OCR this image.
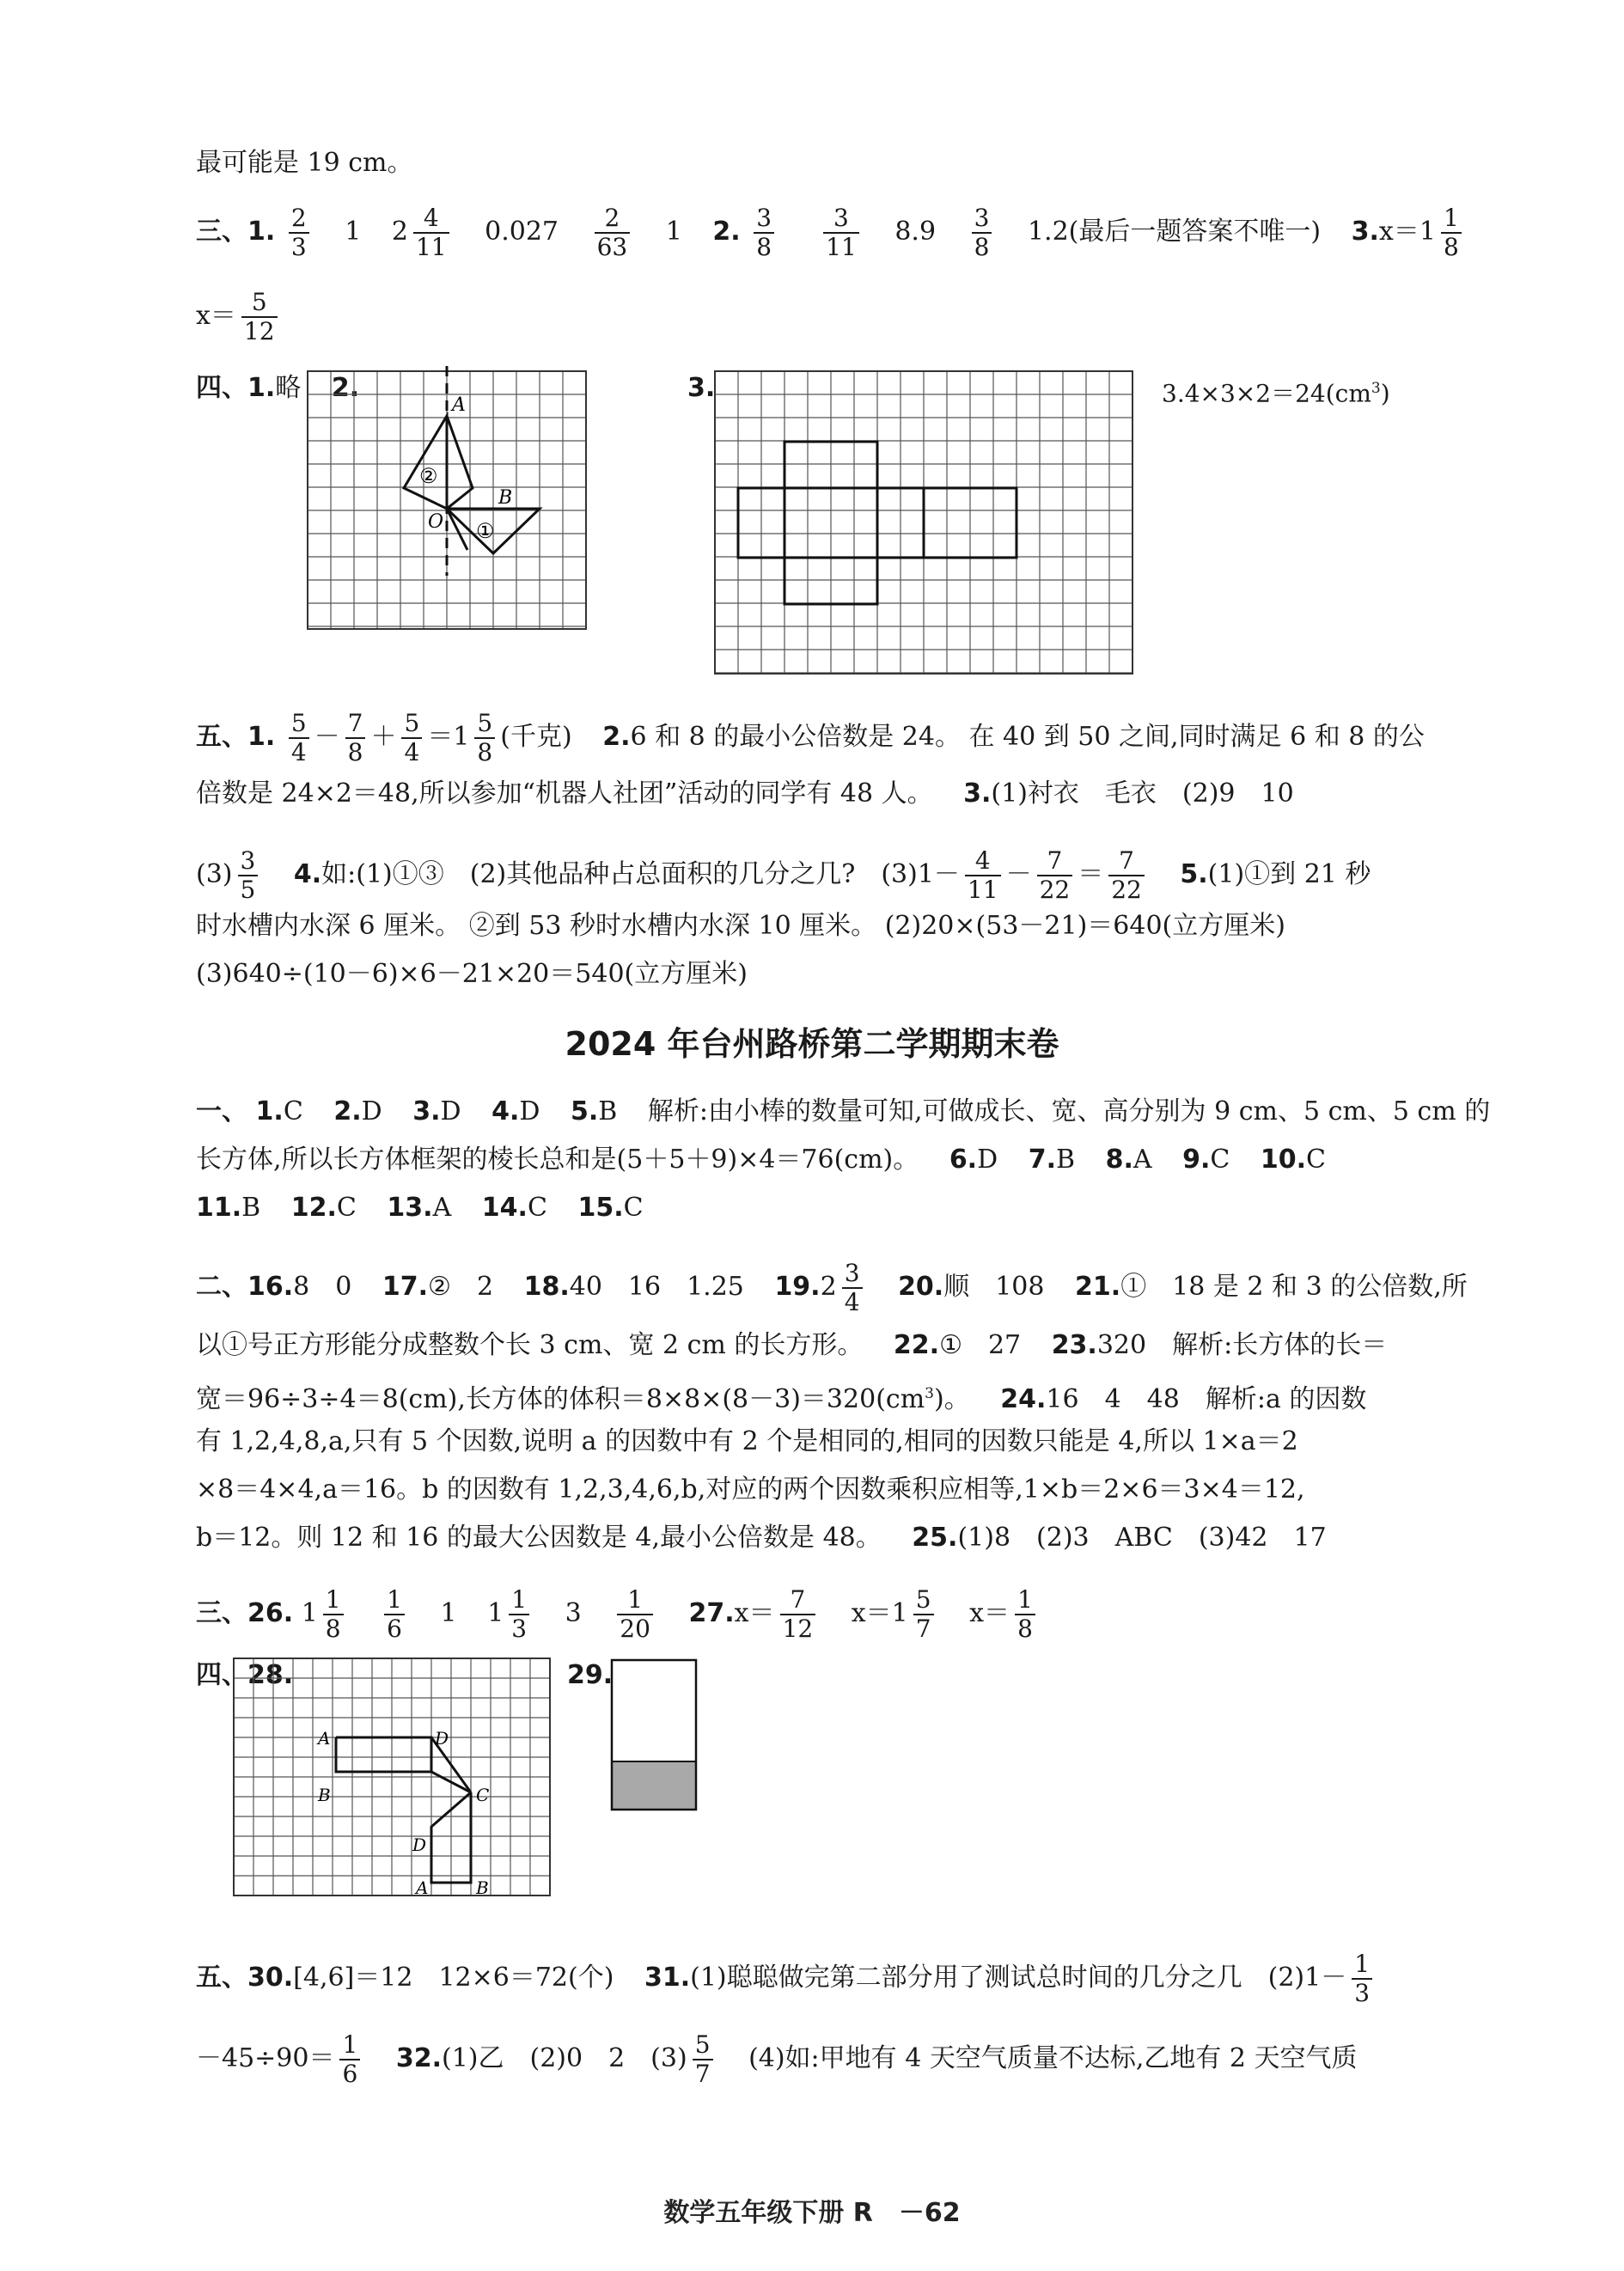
最可能是 19 cm。
三、1. $\frac{2}{3} 1$ $2 \frac{4}{11} 0.027 \frac{2}{63} 1$ 2. $\frac{3}{8}$
$\frac{3}{11} 8.9 \frac{3}{8} 1.2$(最后一题答案不唯一) $3.x=1 \frac{1}{8}$
$x= \frac{5}{12}$
四、1.略 2.
A
B
O ①
②
3.	$3.4\times 3\times 2=24(cm^3)$
五、1. $\frac{5}{4} - \frac{7}{8} + \frac{5}{4} =1 \frac{5}{8}$ (千克) 2.6 和 8 的最小公倍数是 24。 在 40 到 50 之间,同时满足 6 和 8 的公
倍数是 24×2＝48,所以参加“机器人社团”活动的同学有 48 人。 3.(1)衬衣　毛衣　(2)9　10
$(3) \frac{3}{5} 4$.如:(1)①③　(2)其他品种占总面积的几分之几?　$(3)1- \frac{4}{11} - \frac{7}{22} = \frac{7}{22}$ 5.(1)①到 21 秒
时水槽内水深 6 厘米。 ②到 53 秒时水槽内水深 10 厘米。 (2)20×(53－21)＝640(立方厘米)
(3)640÷(10－6)×6－21×20＝540(立方厘米)
2024 年台州路桥第二学期期末卷
一、 1.C 2.D 3.D 4.D 5.B 解析:由小棒的数量可知,可做成长、宽、高分别为 9 cm、5 cm、5 cm 的
长方体,所以长方体框架的棱长总和是(5＋5＋9)×4＝76(cm)。 6.D 7.B 8.A 9.C 10.C
11.B 12.C 13.A 14.C 15.C
二、16.8　0 17.②　2 18.40　16　1.25 $19.2 \frac{3}{4} 20$.顺　108 21.①　18 是 2 和 3 的公倍数,所
以①号正方形能分成整数个长 3 cm、宽 2 cm 的长方形。 22.①　27 23.320　解析:长方体的长＝
宽＝96÷3÷4＝8(cm),长方体的体积$=8\times 8\times(8-3)=320(cm^3)$。 24.16　4　48　解析:a 的因数
有 1,2,4,8,a,只有 5 个因数,说明 a 的因数中有 2 个是相同的,相同的因数只能是 4,所以 1×a＝2
×8＝4×4,a＝16。b 的因数有 1,2,3,4,6,b,对应的两个因数乘积应相等,1×b＝2×6＝3×4＝12,
b＝12。则 12 和 16 的最大公因数是 4,最小公倍数是 48。 25.(1)8　(2)3　ABC　(3)42　17
三、26. $1 \frac{1}{8}$
$\frac{1}{6} 1$ $1 \frac{1}{3} 3 \frac{1}{20} 27.x= \frac{7}{12} x=1 \frac{5}{7} x= \frac{1}{8}$
四、28.
A	D
B	C
D
A	B
29.
五、30.[4,6]＝12　12×6＝72(个) 31.(1)聪聪做完第二部分用了测试总时间的几分之几　$(2)1- \frac{1}{3}$
$-45\div 90= \frac{1}{6} 32.(1)$乙　(2)0　2　$(3) \frac{5}{7} (4)$如:甲地有 4 天空气质量不达标,乙地有 2 天空气质
数学五年级下册 R　－62
